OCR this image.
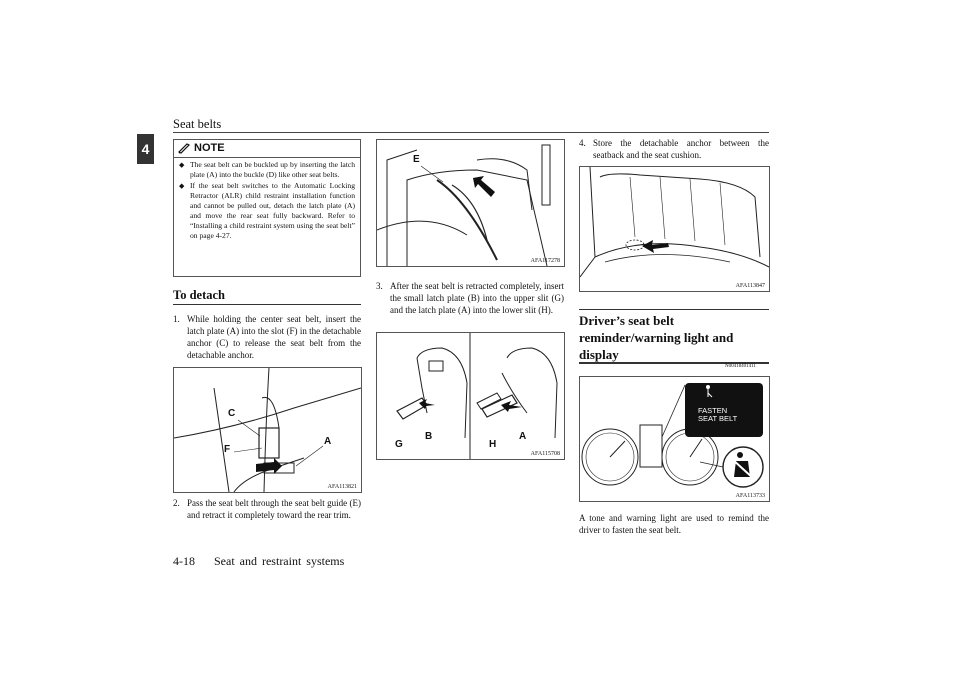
Seat belts
4	NOTE
◆ The seat belt can be buckled up by inserting the latch plate (A) into the buckle (D) like other seat belts.
◆ If the seat belt switches to the Automatic Locking Retractor (ALR) child restraint installation function and cannot be pulled out, detach the latch plate (A) and move the rear seat fully backward. Refer to “Installing a child restraint system using the seat belt” on page 4-27.
To detach
1. While holding the center seat belt, insert the latch plate (A) into the slot (F) in the detachable anchor (C) to release the seat belt from the detachable anchor.
C
F
A
AFA113821
2. Pass the seat belt through the seat belt guide (E) and retract it completely toward the rear trim.
E
AFA117278
3. After the seat belt is retracted completely, insert the small latch plate (B) into the upper slit (G) and the latch plate (A) into the lower slit (H).
G
B
H
A
AFA115708
4. Store the detachable anchor between the seatback and the seat cushion.
AFA113847
Driver’s seat belt reminder/warning light and display
N00418401411
FASTEN
SEAT BELT
AFA113733
A tone and warning light are used to remind the driver to fasten the seat belt.
4-18 Seat and restraint systems
